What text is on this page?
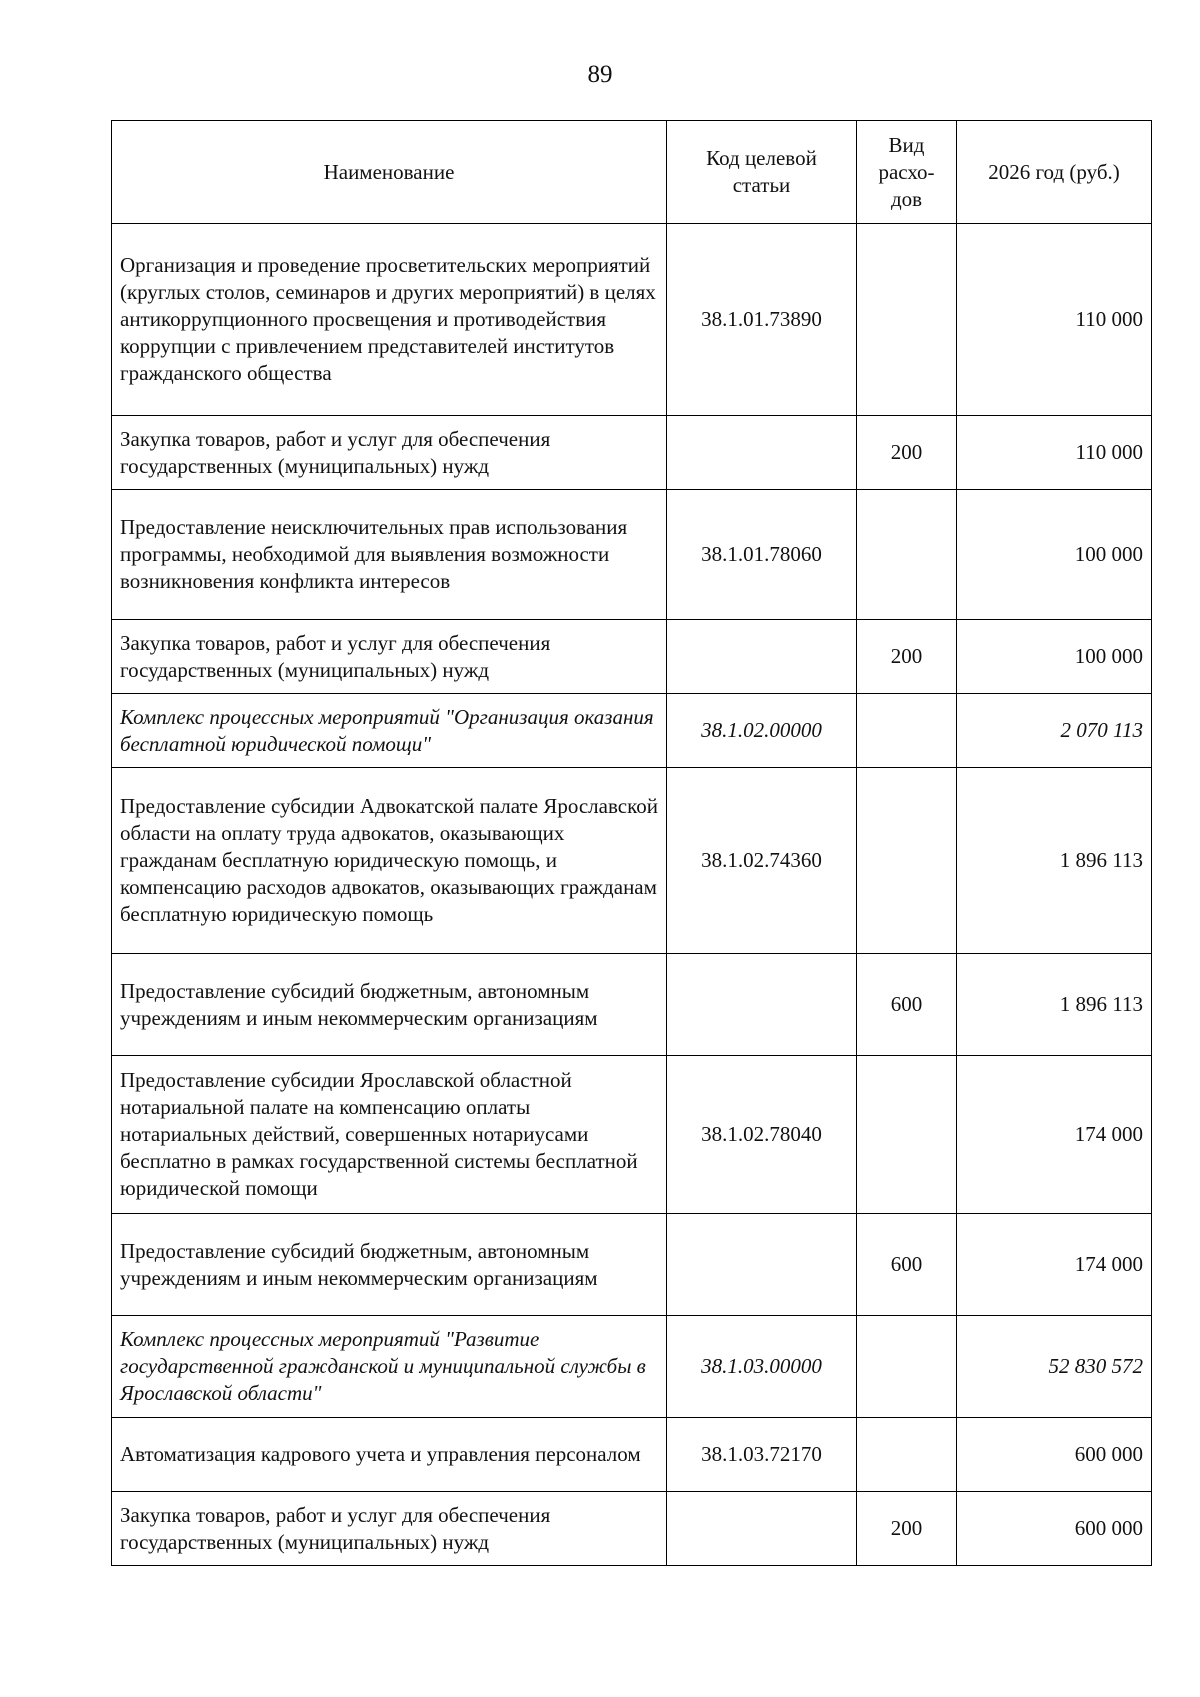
89
Наименование	Код целевой статьи	Вид расхо-дов	2026 год (руб.)
Организация и проведение просветительских мероприятий (круглых столов, семинаров и других мероприятий) в целях антикоррупционного просвещения и противодействия коррупции с привлечением представителей институтов гражданского общества	38.1.01.73890		110 000
Закупка товаров, работ и услуг для обеспечения государственных (муниципальных) нужд		200	110 000
Предоставление неисключительных прав использования программы, необходимой для выявления возможности возникновения конфликта интересов	38.1.01.78060		100 000
Закупка товаров, работ и услуг для обеспечения государственных (муниципальных) нужд		200	100 000
Комплекс процессных мероприятий "Организация оказания бесплатной юридической помощи"	38.1.02.00000		2 070 113
Предоставление субсидии Адвокатской палате Ярославской области на оплату труда адвокатов, оказывающих гражданам бесплатную юридическую помощь, и компенсацию расходов адвокатов, оказывающих гражданам бесплатную юридическую помощь	38.1.02.74360		1 896 113
Предоставление субсидий бюджетным, автономным учреждениям и иным некоммерческим организациям		600	1 896 113
Предоставление субсидии Ярославской областной нотариальной палате на компенсацию оплаты нотариальных действий, совершенных нотариусами бесплатно в рамках государственной системы бесплатной юридической помощи	38.1.02.78040		174 000
Предоставление субсидий бюджетным, автономным учреждениям и иным некоммерческим организациям		600	174 000
Комплекс процессных мероприятий "Развитие государственной гражданской и муниципальной службы в Ярославской области"	38.1.03.00000		52 830 572
Автоматизация кадрового учета и управления персоналом	38.1.03.72170		600 000
Закупка товаров, работ и услуг для обеспечения государственных (муниципальных) нужд		200	600 000
